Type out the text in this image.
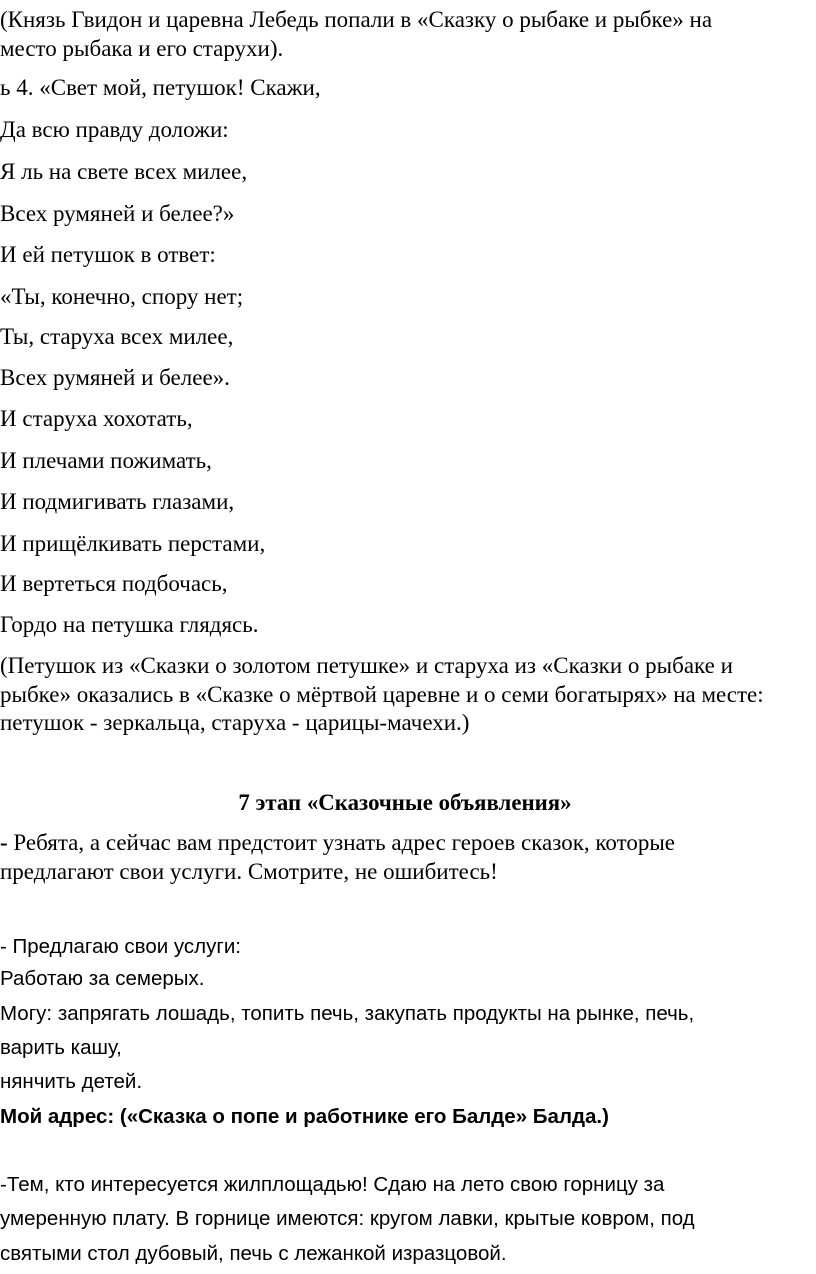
(Князь Гвидон и царевна Лебедь попали в «Сказку о рыбаке и рыбке» на
место рыбака и его старухи).
ь 4. «Свет мой, петушок! Скажи,
Да всю правду доложи:
Я ль на свете всех милее,
Всех румяней и белее?»
И ей петушок в ответ:
«Ты, конечно, спору нет;
Ты, старуха всех милее,
Всех румяней и белее».
И старуха хохотать,
И плечами пожимать,
И подмигивать глазами,
И прищёлкивать перстами,
И вертеться подбочась,
Гордо на петушка глядясь.
(Петушок из «Сказки о золотом петушке» и старуха из «Сказки о рыбаке и
рыбке» оказались в «Сказке о мёртвой царевне и о семи богатырях» на месте:
петушок - зеркальца, старуха - царицы-мачехи.)
7 этап «Сказочные объявления»
- Ребята, а сейчас вам предстоит узнать адрес героев сказок, которые
предлагают свои услуги. Смотрите, не ошибитесь!
- Предлагаю свои услуги:
Работаю за семерых.
Могу: запрягать лошадь, топить печь, закупать продукты на рынке, печь,
варить кашу,
нянчить детей.
Мой адрес: («Сказка о попе и работнике его Балде» Балда.)
-Тем, кто интересуется жилплощадью! Сдаю на лето свою горницу за
умеренную плату. В горнице имеются: кругом лавки, крытые ковром, под
святыми стол дубовый, печь с лежанкой изразцовой.
